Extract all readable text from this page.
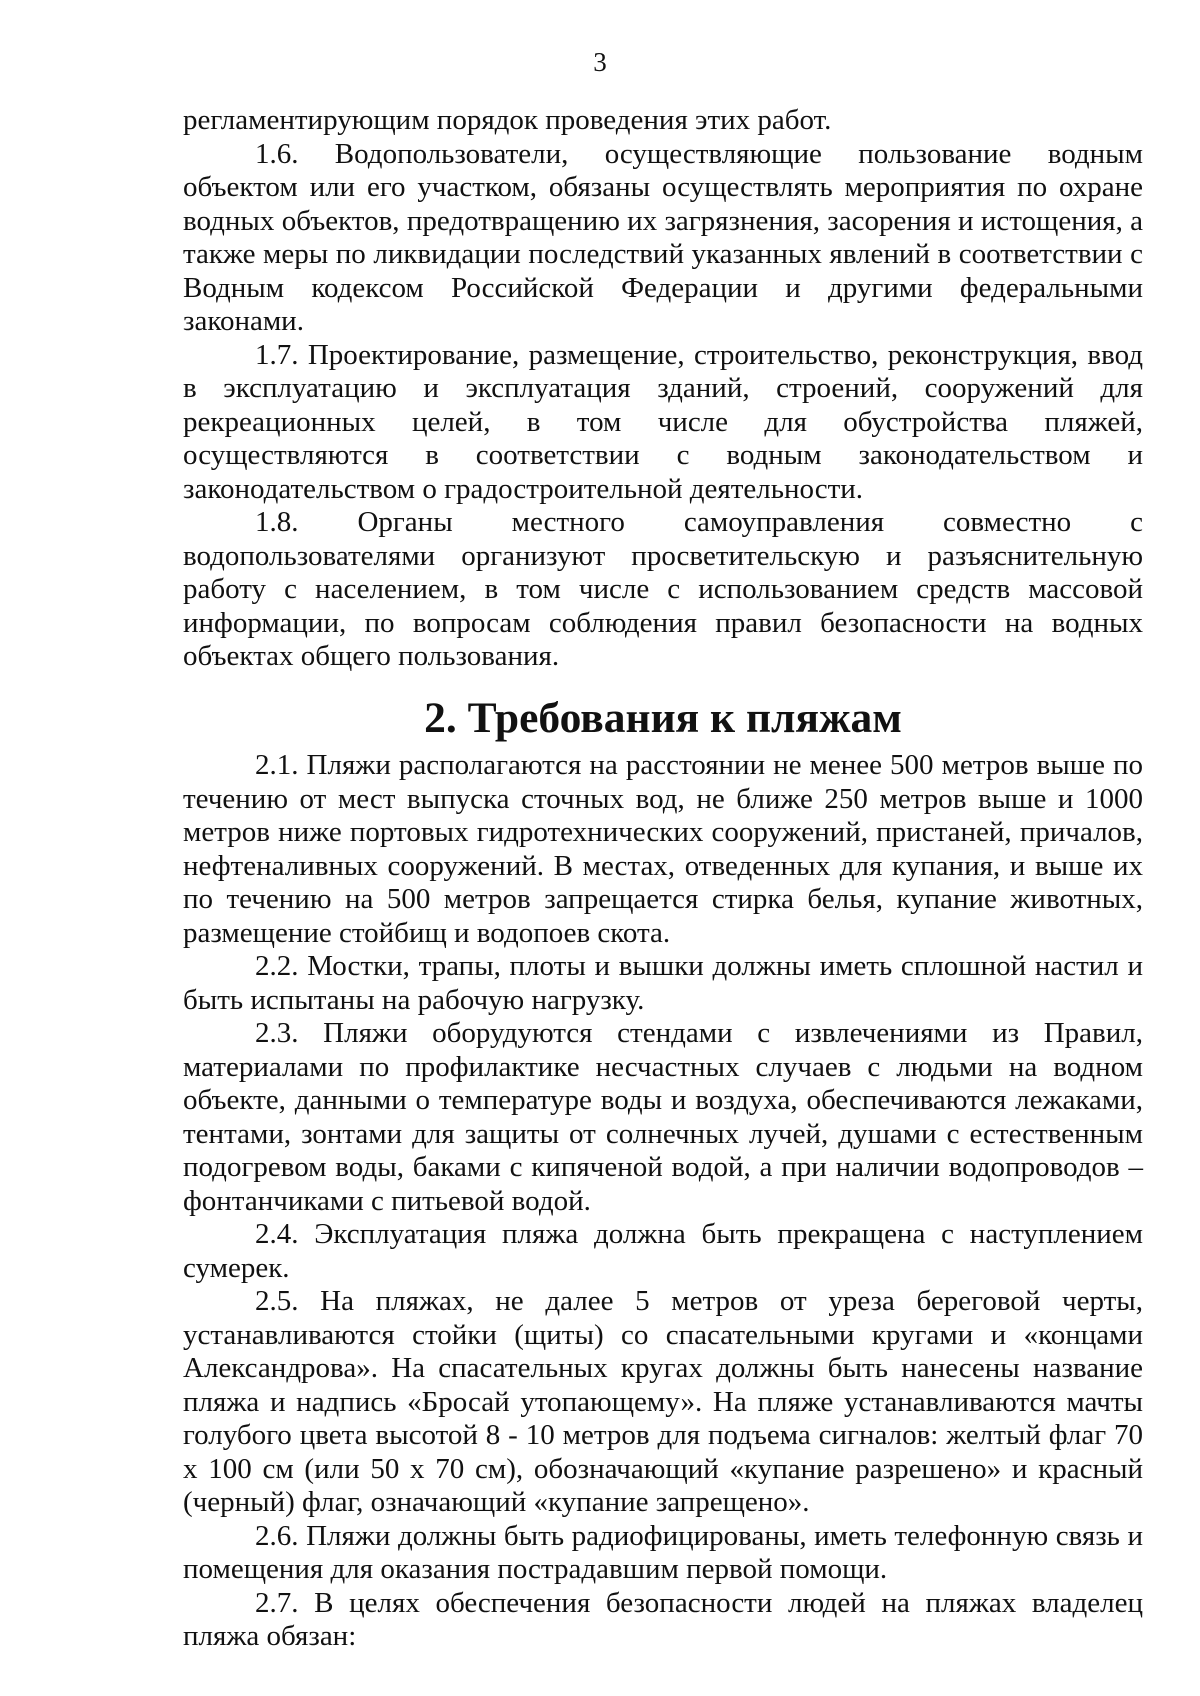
3

регламентирующим порядок проведения этих работ.

1.6. Водопользователи, осуществляющие пользование водным объектом или его участком, обязаны осуществлять мероприятия по охране водных объектов, предотвращению их загрязнения, засорения и истощения, а также меры по ликвидации последствий указанных явлений в соответствии с Водным кодексом Российской Федерации и другими федеральными законами.

1.7. Проектирование, размещение, строительство, реконструкция, ввод в эксплуатацию и эксплуатация зданий, строений, сооружений для рекреационных целей, в том числе для обустройства пляжей, осуществляются в соответствии с водным законодательством и законодательством о градостроительной деятельности.

1.8. Органы местного самоуправления совместно с водопользователями организуют просветительскую и разъяснительную работу с населением, в том числе с использованием средств массовой информации, по вопросам соблюдения правил безопасности на водных объектах общего пользования.

2. Требования к пляжам

2.1. Пляжи располагаются на расстоянии не менее 500 метров выше по течению от мест выпуска сточных вод, не ближе 250 метров выше и 1000 метров ниже портовых гидротехнических сооружений, пристаней, причалов, нефтеналивных сооружений. В местах, отведенных для купания, и выше их по течению на 500 метров запрещается стирка белья, купание животных, размещение стойбищ и водопоев скота.

2.2. Мостки, трапы, плоты и вышки должны иметь сплошной настил и быть испытаны на рабочую нагрузку.

2.3. Пляжи оборудуются стендами с извлечениями из Правил, материалами по профилактике несчастных случаев с людьми на водном объекте, данными о температуре воды и воздуха, обеспечиваются лежаками, тентами, зонтами для защиты от солнечных лучей, душами с естественным подогревом воды, баками с кипяченой водой, а при наличии водопроводов – фонтанчиками с питьевой водой.

2.4. Эксплуатация пляжа должна быть прекращена с наступлением сумерек.

2.5. На пляжах, не далее 5 метров от уреза береговой черты, устанавливаются стойки (щиты) со спасательными кругами и «концами Александрова». На спасательных кругах должны быть нанесены название пляжа и надпись «Бросай утопающему». На пляже устанавливаются мачты голубого цвета высотой 8 - 10 метров для подъема сигналов: желтый флаг 70 х 100 см (или 50 х 70 см), обозначающий «купание разрешено» и красный (черный) флаг, означающий «купание запрещено».

2.6. Пляжи должны быть радиофицированы, иметь телефонную связь и помещения для оказания пострадавшим первой помощи.

2.7. В целях обеспечения безопасности людей на пляжах владелец пляжа обязан:
